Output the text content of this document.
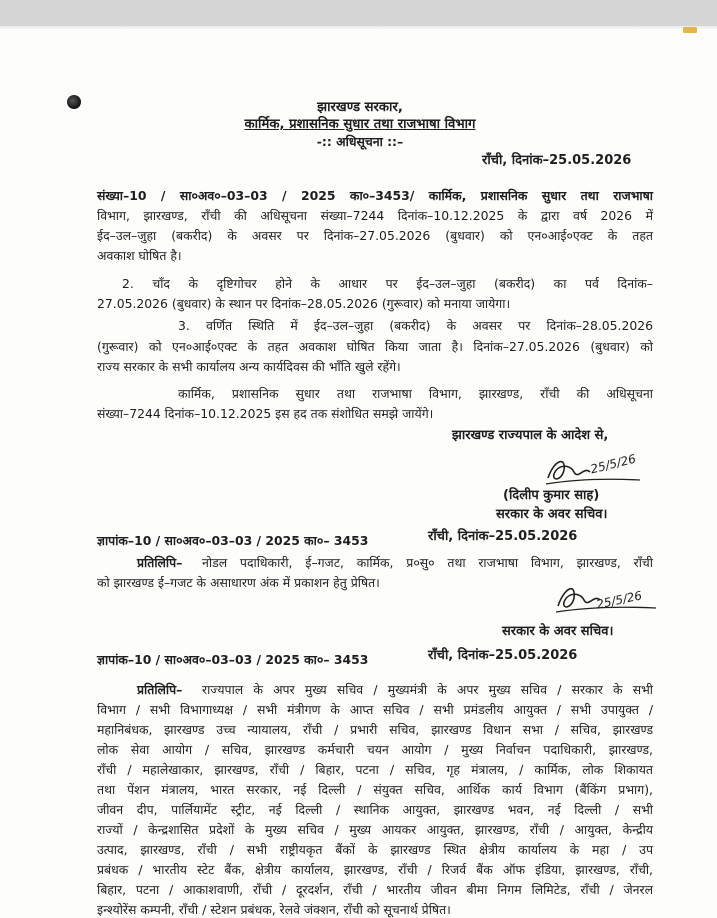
झारखण्ड सरकार,
कार्मिक, प्रशासनिक सुधार तथा राजभाषा विभाग
-:: अधिसूचना ::–
राँची, दिनांक–25.05.2026
संख्या–10 / सा०अव०–03–03 / 2025 का०–3453/ कार्मिक, प्रशासनिक सुधार तथा राजभाषा
विभाग, झारखण्ड, राँची की अधिसूचना संख्या–7244 दिनांक–10.12.2025 के द्वारा वर्ष 2026 में
ईद–उल–जुहा (बकरीद) के अवसर पर दिनांक–27.05.2026 (बुधवार) को एन०आई०एक्ट के तहत
अवकाश घोषित है।
2. चाँद के दृष्टिगोचर होने के आधार पर ईद–उल–जुहा (बकरीद) का पर्व दिनांक–
27.05.2026 (बुधवार) के स्थान पर दिनांक–28.05.2026 (गुरूवार) को मनाया जायेगा।
3. वर्णित स्थिति में ईद–उल–जुहा (बकरीद) के अवसर पर दिनांक–28.05.2026
(गुरूवार) को एन०आई०एक्ट के तहत अवकाश घोषित किया जाता है। दिनांक–27.05.2026 (बुधवार) को
राज्य सरकार के सभी कार्यालय अन्य कार्यदिवस की भाँति खुले रहेंगे।
कार्मिक, प्रशासनिक सुधार तथा राजभाषा विभाग, झारखण्ड, राँची की अधिसूचना
संख्या–7244 दिनांक–10.12.2025 इस हद तक संशोधित समझे जायेंगे।
झारखण्ड राज्यपाल के आदेश से,
25/5/26
(दिलीप कुमार साह)
सरकार के अवर सचिव।
ज्ञापांक–10 / सा०अव०–03–03 / 2025 का०– 3453	राँची, दिनांक–25.05.2026
प्रतिलिपि– नोडल पदाधिकारी, ई–गजट, कार्मिक, प्र०सु० तथा राजभाषा विभाग, झारखण्ड, राँची
को झारखण्ड ई–गजट के असाधारण अंक में प्रकाशन हेतु प्रेषित।
25/5/26
सरकार के अवर सचिव।
ज्ञापांक–10 / सा०अव०–03–03 / 2025 का०– 3453	राँची, दिनांक–25.05.2026
प्रतिलिपि– राज्यपाल के अपर मुख्य सचिव / मुख्यमंत्री के अपर मुख्य सचिव / सरकार के सभी
विभाग / सभी विभागाध्यक्ष / सभी मंत्रीगण के आप्त सचिव / सभी प्रमंडलीय आयुक्त / सभी उपायुक्त /
महानिबंधक, झारखण्ड उच्च न्यायालय, राँची / प्रभारी सचिव, झारखण्ड विधान सभा / सचिव, झारखण्ड
लोक सेवा आयोग / सचिव, झारखण्ड कर्मचारी चयन आयोग / मुख्य निर्वाचन पदाधिकारी, झारखण्ड,
राँची / महालेखाकार, झारखण्ड, राँची / बिहार, पटना / सचिव, गृह मंत्रालय, / कार्मिक, लोक शिकायत
तथा पेंशन मंत्रालय, भारत सरकार, नई दिल्ली / संयुक्त सचिव, आर्थिक कार्य विभाग (बैंकिंग प्रभाग),
जीवन दीप, पार्लियामेंट स्ट्रीट, नई दिल्ली / स्थानिक आयुक्त, झारखण्ड भवन, नई दिल्ली / सभी
राज्यों / केन्द्रशासित प्रदेशों के मुख्य सचिव / मुख्य आयकर आयुक्त, झारखण्ड, राँची / आयुक्त, केन्द्रीय
उत्पाद, झारखण्ड, राँची / सभी राष्ट्रीयकृत बैंकों के झारखण्ड स्थित क्षेत्रीय कार्यालय के महा / उप
प्रबंधक / भारतीय स्टेट बैंक, क्षेत्रीय कार्यालय, झारखण्ड, राँची / रिजर्व बैंक ऑफ इंडिया, झारखण्ड, राँची,
बिहार, पटना / आकाशवाणी, राँची / दूरदर्शन, राँची / भारतीय जीवन बीमा निगम लिमिटेड, राँची / जेनरल
इन्श्योरेंस कम्पनी, राँची / स्टेशन प्रबंधक, रेलवे जंक्शन, राँची को सूचनार्थ प्रेषित।
